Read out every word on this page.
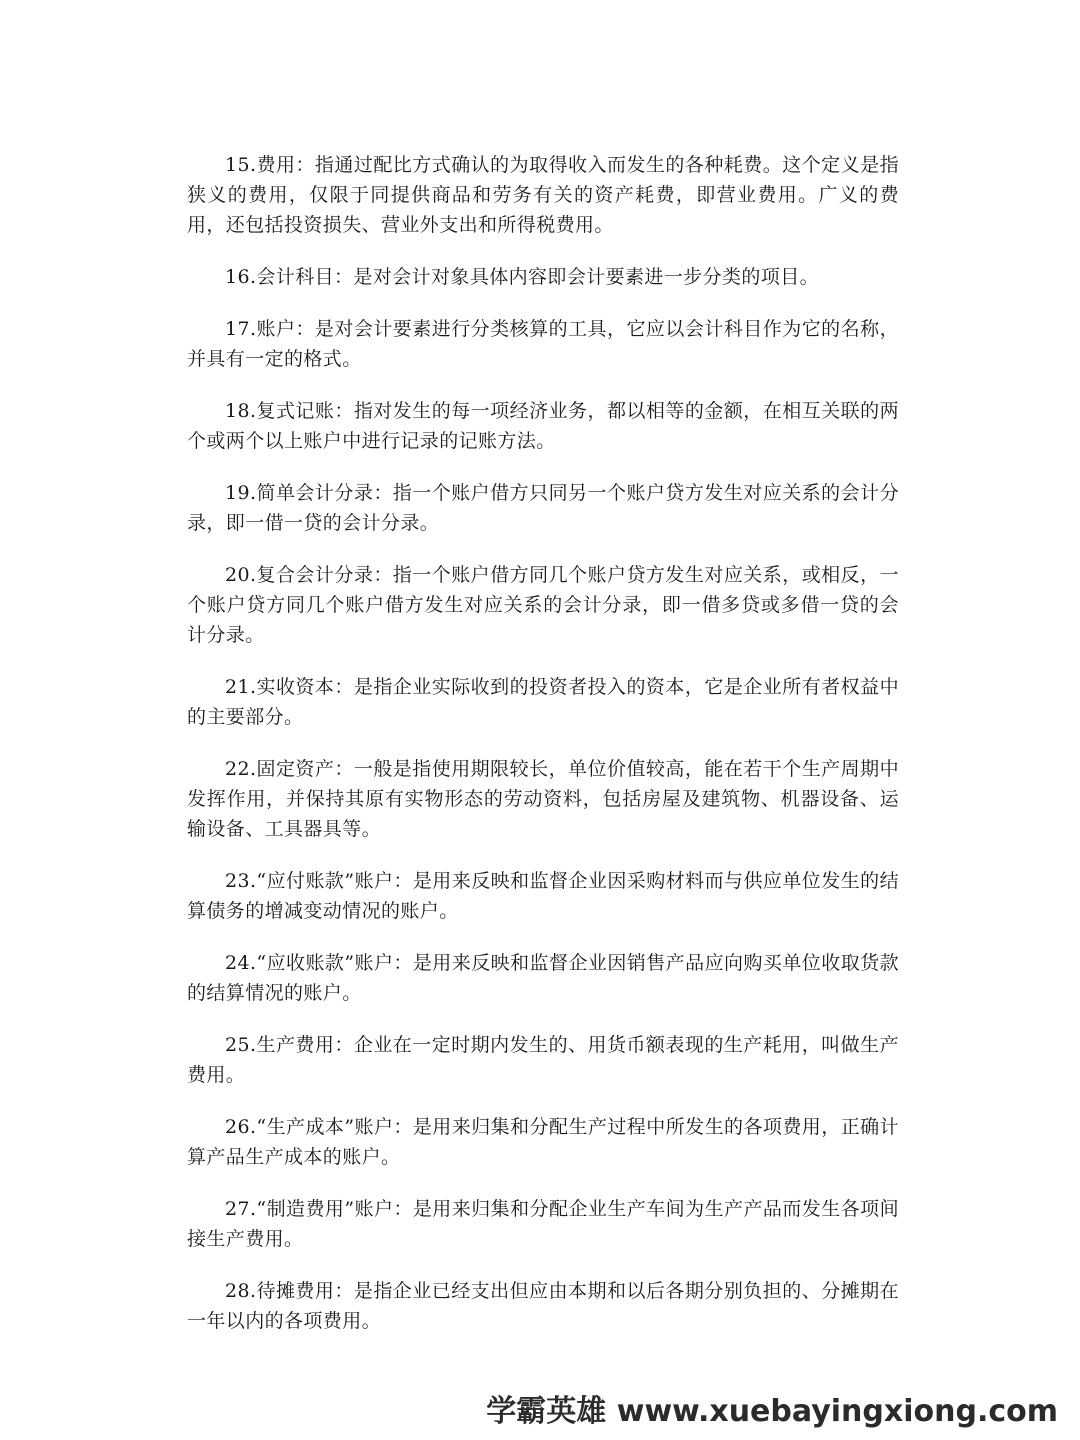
15.费用：指通过配比方式确认的为取得收入而发生的各种耗费。这个定义是指狭义的费用，仅限于同提供商品和劳务有关的资产耗费，即营业费用。广义的费用，还包括投资损失、营业外支出和所得税费用。

16.会计科目：是对会计对象具体内容即会计要素进一步分类的项目。

17.账户：是对会计要素进行分类核算的工具，它应以会计科目作为它的名称，并具有一定的格式。

18.复式记账：指对发生的每一项经济业务，都以相等的金额，在相互关联的两个或两个以上账户中进行记录的记账方法。

19.简单会计分录：指一个账户借方只同另一个账户贷方发生对应关系的会计分录，即一借一贷的会计分录。

20.复合会计分录：指一个账户借方同几个账户贷方发生对应关系，或相反，一个账户贷方同几个账户借方发生对应关系的会计分录，即一借多贷或多借一贷的会计分录。

21.实收资本：是指企业实际收到的投资者投入的资本，它是企业所有者权益中的主要部分。

22.固定资产：一般是指使用期限较长，单位价值较高，能在若干个生产周期中发挥作用，并保持其原有实物形态的劳动资料，包括房屋及建筑物、机器设备、运输设备、工具器具等。

23.“应付账款”账户：是用来反映和监督企业因采购材料而与供应单位发生的结算债务的增减变动情况的账户。

24.“应收账款”账户：是用来反映和监督企业因销售产品应向购买单位收取货款的结算情况的账户。

25.生产费用：企业在一定时期内发生的、用货币额表现的生产耗用，叫做生产费用。

26.“生产成本”账户：是用来归集和分配生产过程中所发生的各项费用，正确计算产品生产成本的账户。

27.“制造费用”账户：是用来归集和分配企业生产车间为生产产品而发生各项间接生产费用。

28.待摊费用：是指企业已经支出但应由本期和以后各期分别负担的、分摊期在一年以内的各项费用。

学霸英雄 www.xuebayingxiong.com
